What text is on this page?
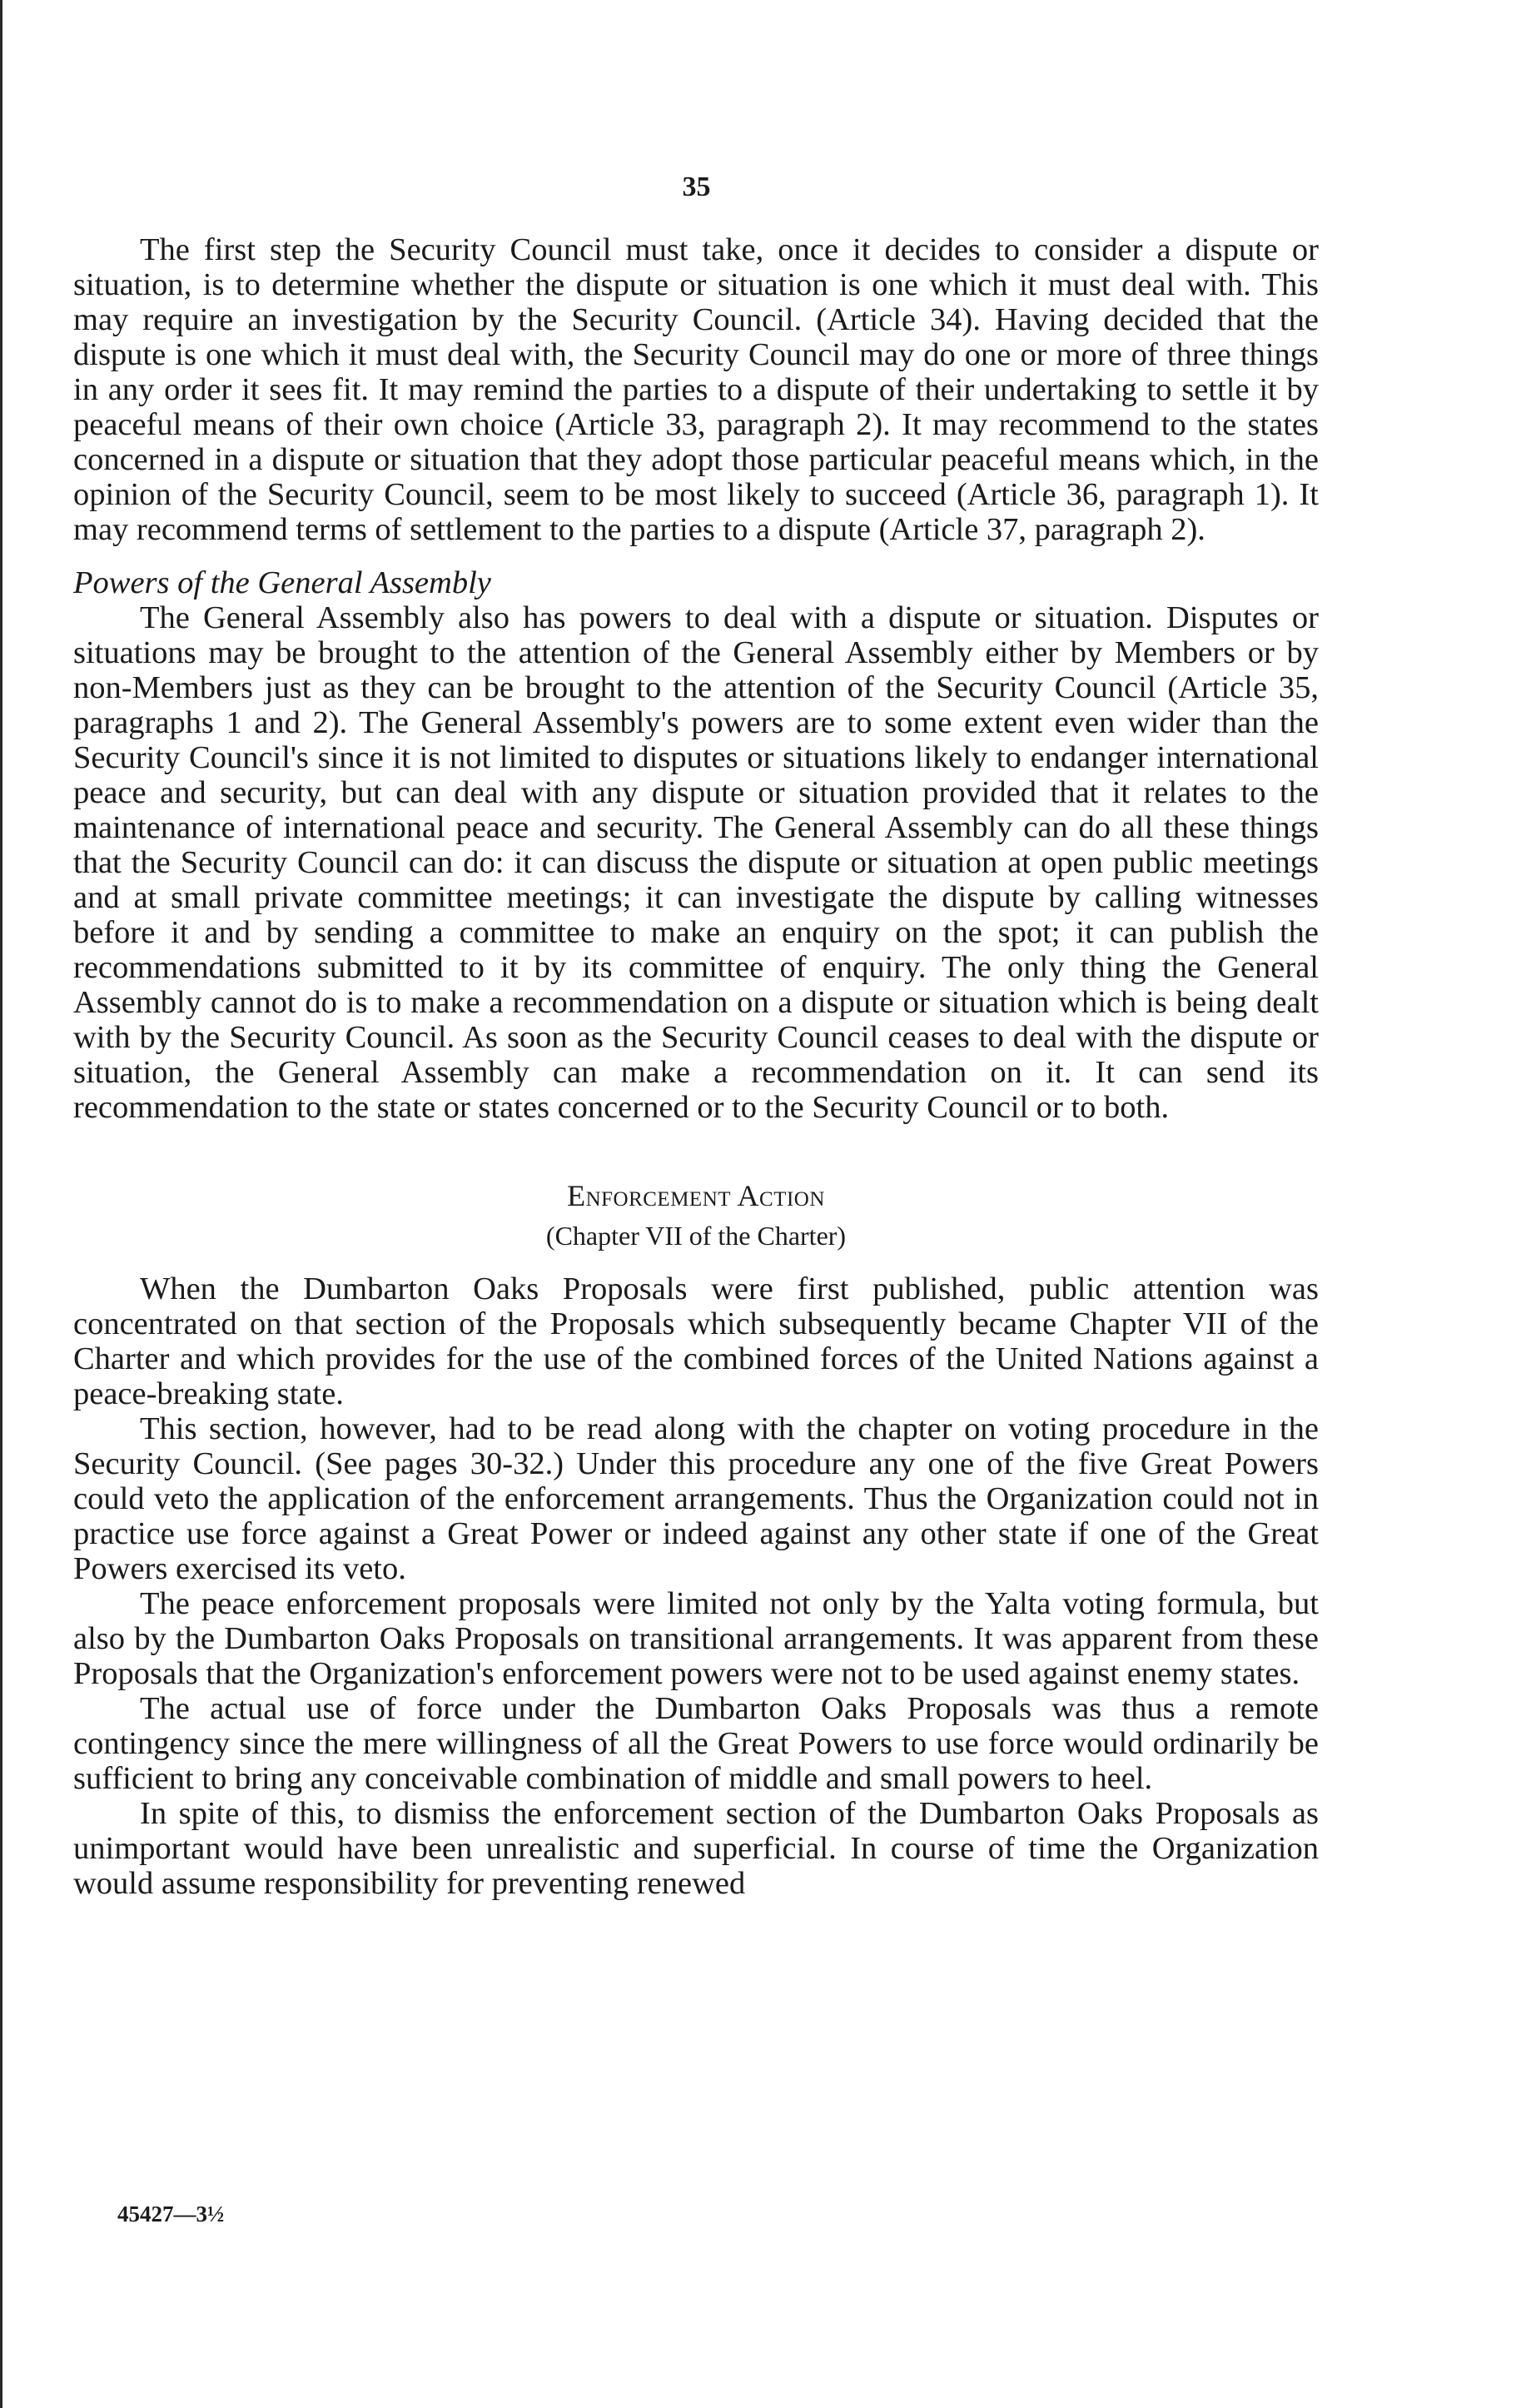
35

The first step the Security Council must take, once it decides to consider a dispute or situation, is to determine whether the dispute or situation is one which it must deal with. This may require an investigation by the Security Council. (Article 34). Having decided that the dispute is one which it must deal with, the Security Council may do one or more of three things in any order it sees fit. It may remind the parties to a dispute of their undertaking to settle it by peaceful means of their own choice (Article 33, paragraph 2). It may recommend to the states concerned in a dispute or situation that they adopt those particular peaceful means which, in the opinion of the Security Council, seem to be most likely to succeed (Article 36, paragraph 1). It may recommend terms of settlement to the parties to a dispute (Article 37, paragraph 2).

Powers of the General Assembly

The General Assembly also has powers to deal with a dispute or situation. Disputes or situations may be brought to the attention of the General Assembly either by Members or by non-Members just as they can be brought to the attention of the Security Council (Article 35, paragraphs 1 and 2). The General Assembly's powers are to some extent even wider than the Security Council's since it is not limited to disputes or situations likely to endanger international peace and security, but can deal with any dispute or situation provided that it relates to the maintenance of international peace and security. The General Assembly can do all these things that the Security Council can do: it can discuss the dispute or situation at open public meetings and at small private committee meetings; it can investigate the dispute by calling witnesses before it and by sending a committee to make an enquiry on the spot; it can publish the recommendations submitted to it by its committee of enquiry. The only thing the General Assembly cannot do is to make a recommendation on a dispute or situation which is being dealt with by the Security Council. As soon as the Security Council ceases to deal with the dispute or situation, the General Assembly can make a recommendation on it. It can send its recommendation to the state or states concerned or to the Security Council or to both.

Enforcement Action
(Chapter VII of the Charter)

When the Dumbarton Oaks Proposals were first published, public attention was concentrated on that section of the Proposals which subsequently became Chapter VII of the Charter and which provides for the use of the combined forces of the United Nations against a peace-breaking state.

This section, however, had to be read along with the chapter on voting procedure in the Security Council. (See pages 30-32.) Under this procedure any one of the five Great Powers could veto the application of the enforcement arrangements. Thus the Organization could not in practice use force against a Great Power or indeed against any other state if one of the Great Powers exercised its veto.

The peace enforcement proposals were limited not only by the Yalta voting formula, but also by the Dumbarton Oaks Proposals on transitional arrangements. It was apparent from these Proposals that the Organization's enforcement powers were not to be used against enemy states.

The actual use of force under the Dumbarton Oaks Proposals was thus a remote contingency since the mere willingness of all the Great Powers to use force would ordinarily be sufficient to bring any conceivable combination of middle and small powers to heel.

In spite of this, to dismiss the enforcement section of the Dumbarton Oaks Proposals as unimportant would have been unrealistic and superficial. In course of time the Organization would assume responsibility for preventing renewed

45427—3½
